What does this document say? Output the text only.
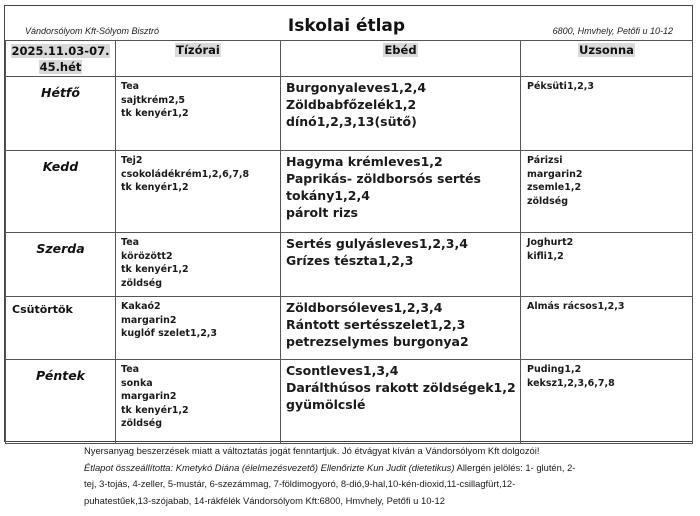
Vándorsólyom Kft-Sólyom Bisztró	Iskolai étlap	6800, Hmvhely, Petőfi u 10-12
2025.11.03-07.
45.hét	Tízórai	Ebéd	Uzsonna
Hétfő	Tea
sajtkrém2,5
tk kenyér1,2	Burgonyaleves1,2,4
Zöldbabfőzelék1,2
dínó1,2,3,13(sütő)	Péksüti1,2,3

Kedd	Tej2
csokoládékrém1,2,6,7,8
tk kenyér1,2	Hagyma krémleves1,2
Paprikás- zöldborsós sertés
tokány1,2,4
párolt rizs	Párizsi
margarin2
zsemle1,2
zöldség

Szerda	Tea
körözött2
tk kenyér1,2
zöldség	Sertés gulyásleves1,2,3,4
Grízes tészta1,2,3	Joghurt2
kifli1,2

Csütörtök	Kakaó2
margarin2
kuglóf szelet1,2,3	Zöldborsóleves1,2,3,4
Rántott sertésszelet1,2,3
petrezselymes burgonya2	Almás rácsos1,2,3

Péntek	Tea
sonka
margarin2
tk kenyér1,2
zöldség	Csontleves1,3,4
Darálthúsos rakott zöldségek1,2
gyümölcslé	Puding1,2
keksz1,2,3,6,7,8
Nyersanyag beszerzések miatt a változtatás jogát fenntartjuk. Jó étvágyat kíván a Vándorsólyom Kft dolgozói!
Étlapot összeállította: Kmetykó Diána (élelmezésvezető) Ellenőrizte Kun Judit (dietetikus) Allergén jelölés: 1- glutén, 2-
tej, 3-tojás, 4-zeller, 5-mustár, 6-szezámmag, 7-földimogyoró, 8-dió,9-hal,10-kén-dioxid,11-csillagfürt,12-
puhatestűek,13-szójabab, 14-rákfélék Vándorsólyom Kft:6800, Hmvhely, Petőfi u 10-12
